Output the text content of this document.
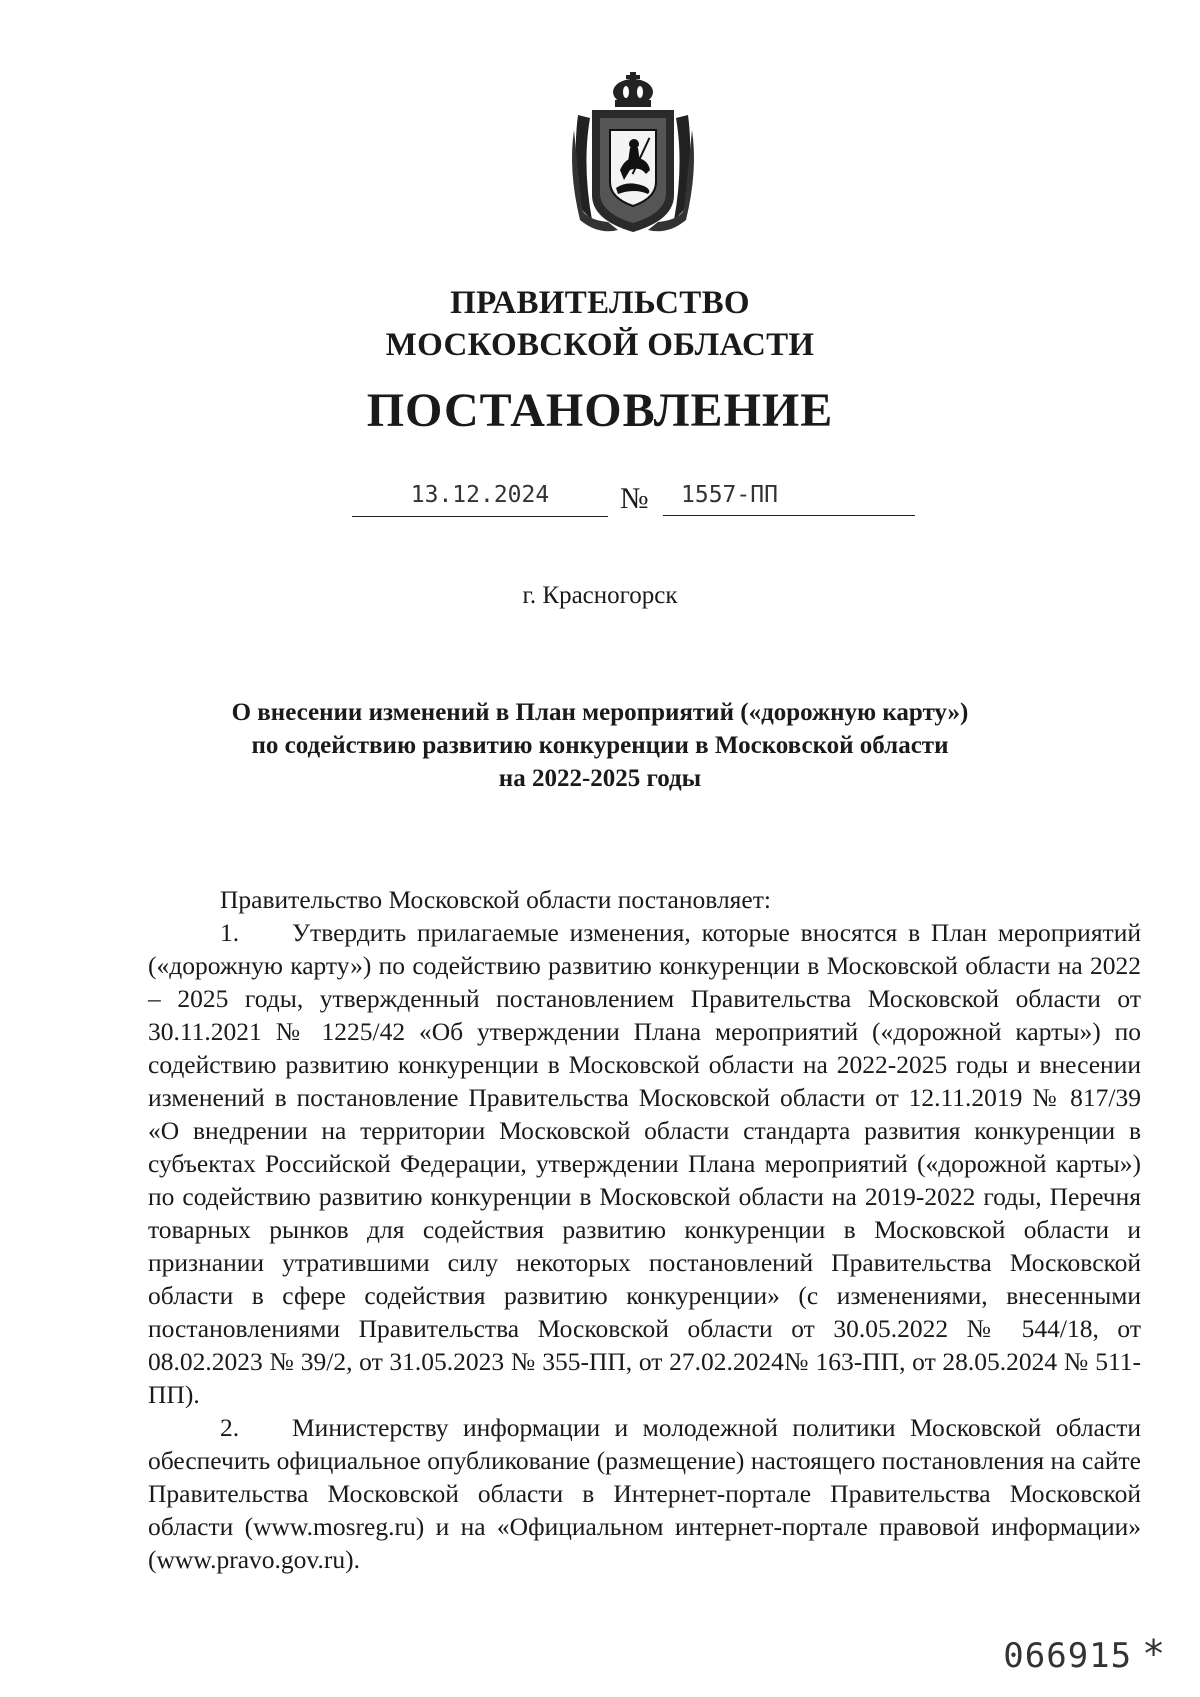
ПРАВИТЕЛЬСТВО
МОСКОВСКОЙ ОБЛАСТИ
ПОСТАНОВЛЕНИЕ
13.12.2024	№	1557-ПП
г. Красногорск
О внесении изменений в План мероприятий («дорожную карту»)
по содействию развитию конкуренции в Московской области
на 2022-2025 годы

Правительство Московской области постановляет:

1. Утвердить прилагаемые изменения, которые вносятся в План мероприятий («дорожную карту») по содействию развитию конкуренции в Московской области на 2022 – 2025 годы, утвержденный постановлением Правительства Московской области от 30.11.2021 № 1225/42 «Об утверждении Плана мероприятий («дорожной карты») по содействию развитию конкуренции в Московской области на 2022-2025 годы и внесении изменений в постановление Правительства Московской области от 12.11.2019 № 817/39 «О внедрении на территории Московской области стандарта развития конкуренции в субъектах Российской Федерации, утверждении Плана мероприятий («дорожной карты») по содействию развитию конкуренции в Московской области на 2019-2022 годы, Перечня товарных рынков для содействия развитию конкуренции в Московской области и признании утратившими силу некоторых постановлений Правительства Московской области в сфере содействия развитию конкуренции» (с изменениями, внесенными постановлениями Правительства Московской области от 30.05.2022 № 544/18, от 08.02.2023 № 39/2, от 31.05.2023 № 355-ПП, от 27.02.2024№ 163-ПП, от 28.05.2024 № 511-ПП).

2. Министерству информации и молодежной политики Московской области обеспечить официальное опубликование (размещение) настоящего постановления на сайте Правительства Московской области в Интернет-портале Правительства Московской области (www.mosreg.ru) и на «Официальном интернет-портале правовой информации» (www.pravo.gov.ru).

066915 *
